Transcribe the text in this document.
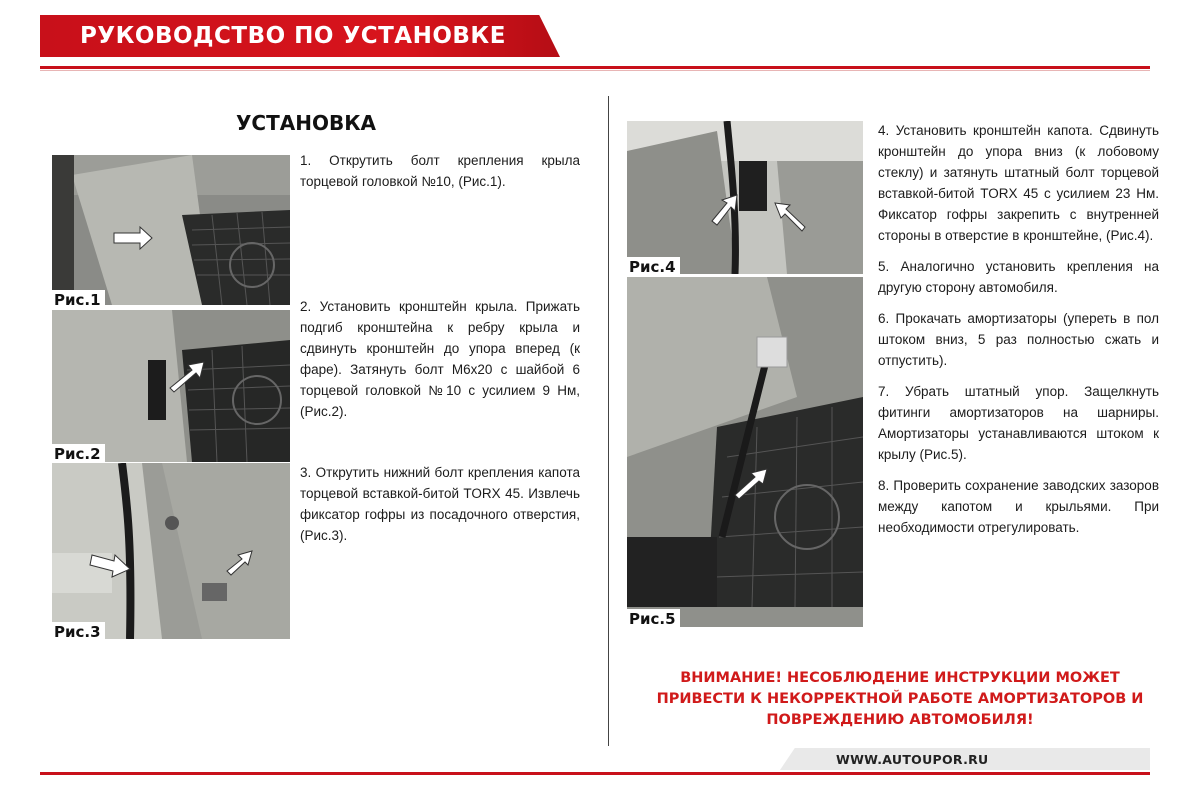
РУКОВОДСТВО ПО УСТАНОВКЕ
УСТАНОВКА
Рис.1
Рис.2
Рис.3

1. Открутить болт крепления крыла торцевой головкой №10, (Рис.1).

2. Установить кронштейн крыла. Прижать подгиб кронштейна к ребру крыла и сдвинуть кронштейн до упора вперед (к фаре). Затянуть болт М6х20 с шайбой 6 торцевой головкой №10 с усилием 9 Нм, (Рис.2).

3. Открутить нижний болт крепления капота торцевой вставкой-битой TORX 45. Извлечь фиксатор гофры из посадочного отверстия, (Рис.3).

Рис.4
Рис.5

4. Установить кронштейн капота. Сдвинуть кронштейн до упора вниз (к лобовому стеклу) и затянуть штатный болт торцевой вставкой-битой TORX 45 с усилием 23 Нм. Фиксатор гофры закрепить с внутренней стороны в отверстие в кронштейне, (Рис.4).

5. Аналогично установить крепления на другую сторону автомобиля.

6. Прокачать амортизаторы (упереть в пол штоком вниз, 5 раз полностью сжать и отпустить).

7. Убрать штатный упор. Защелкнуть фитинги амортизаторов на шарниры. Амортизаторы устанавливаются штоком к крылу (Рис.5).

8. Проверить сохранение заводских зазоров между капотом и крыльями. При необходимости отрегулировать.

ВНИМАНИЕ! НЕСОБЛЮДЕНИЕ ИНСТРУКЦИИ МОЖЕТ ПРИВЕСТИ К НЕКОРРЕКТНОЙ РАБОТЕ АМОРТИЗАТОРОВ И ПОВРЕЖДЕНИЮ АВТОМОБИЛЯ!
WWW.AUTOUPOR.RU
